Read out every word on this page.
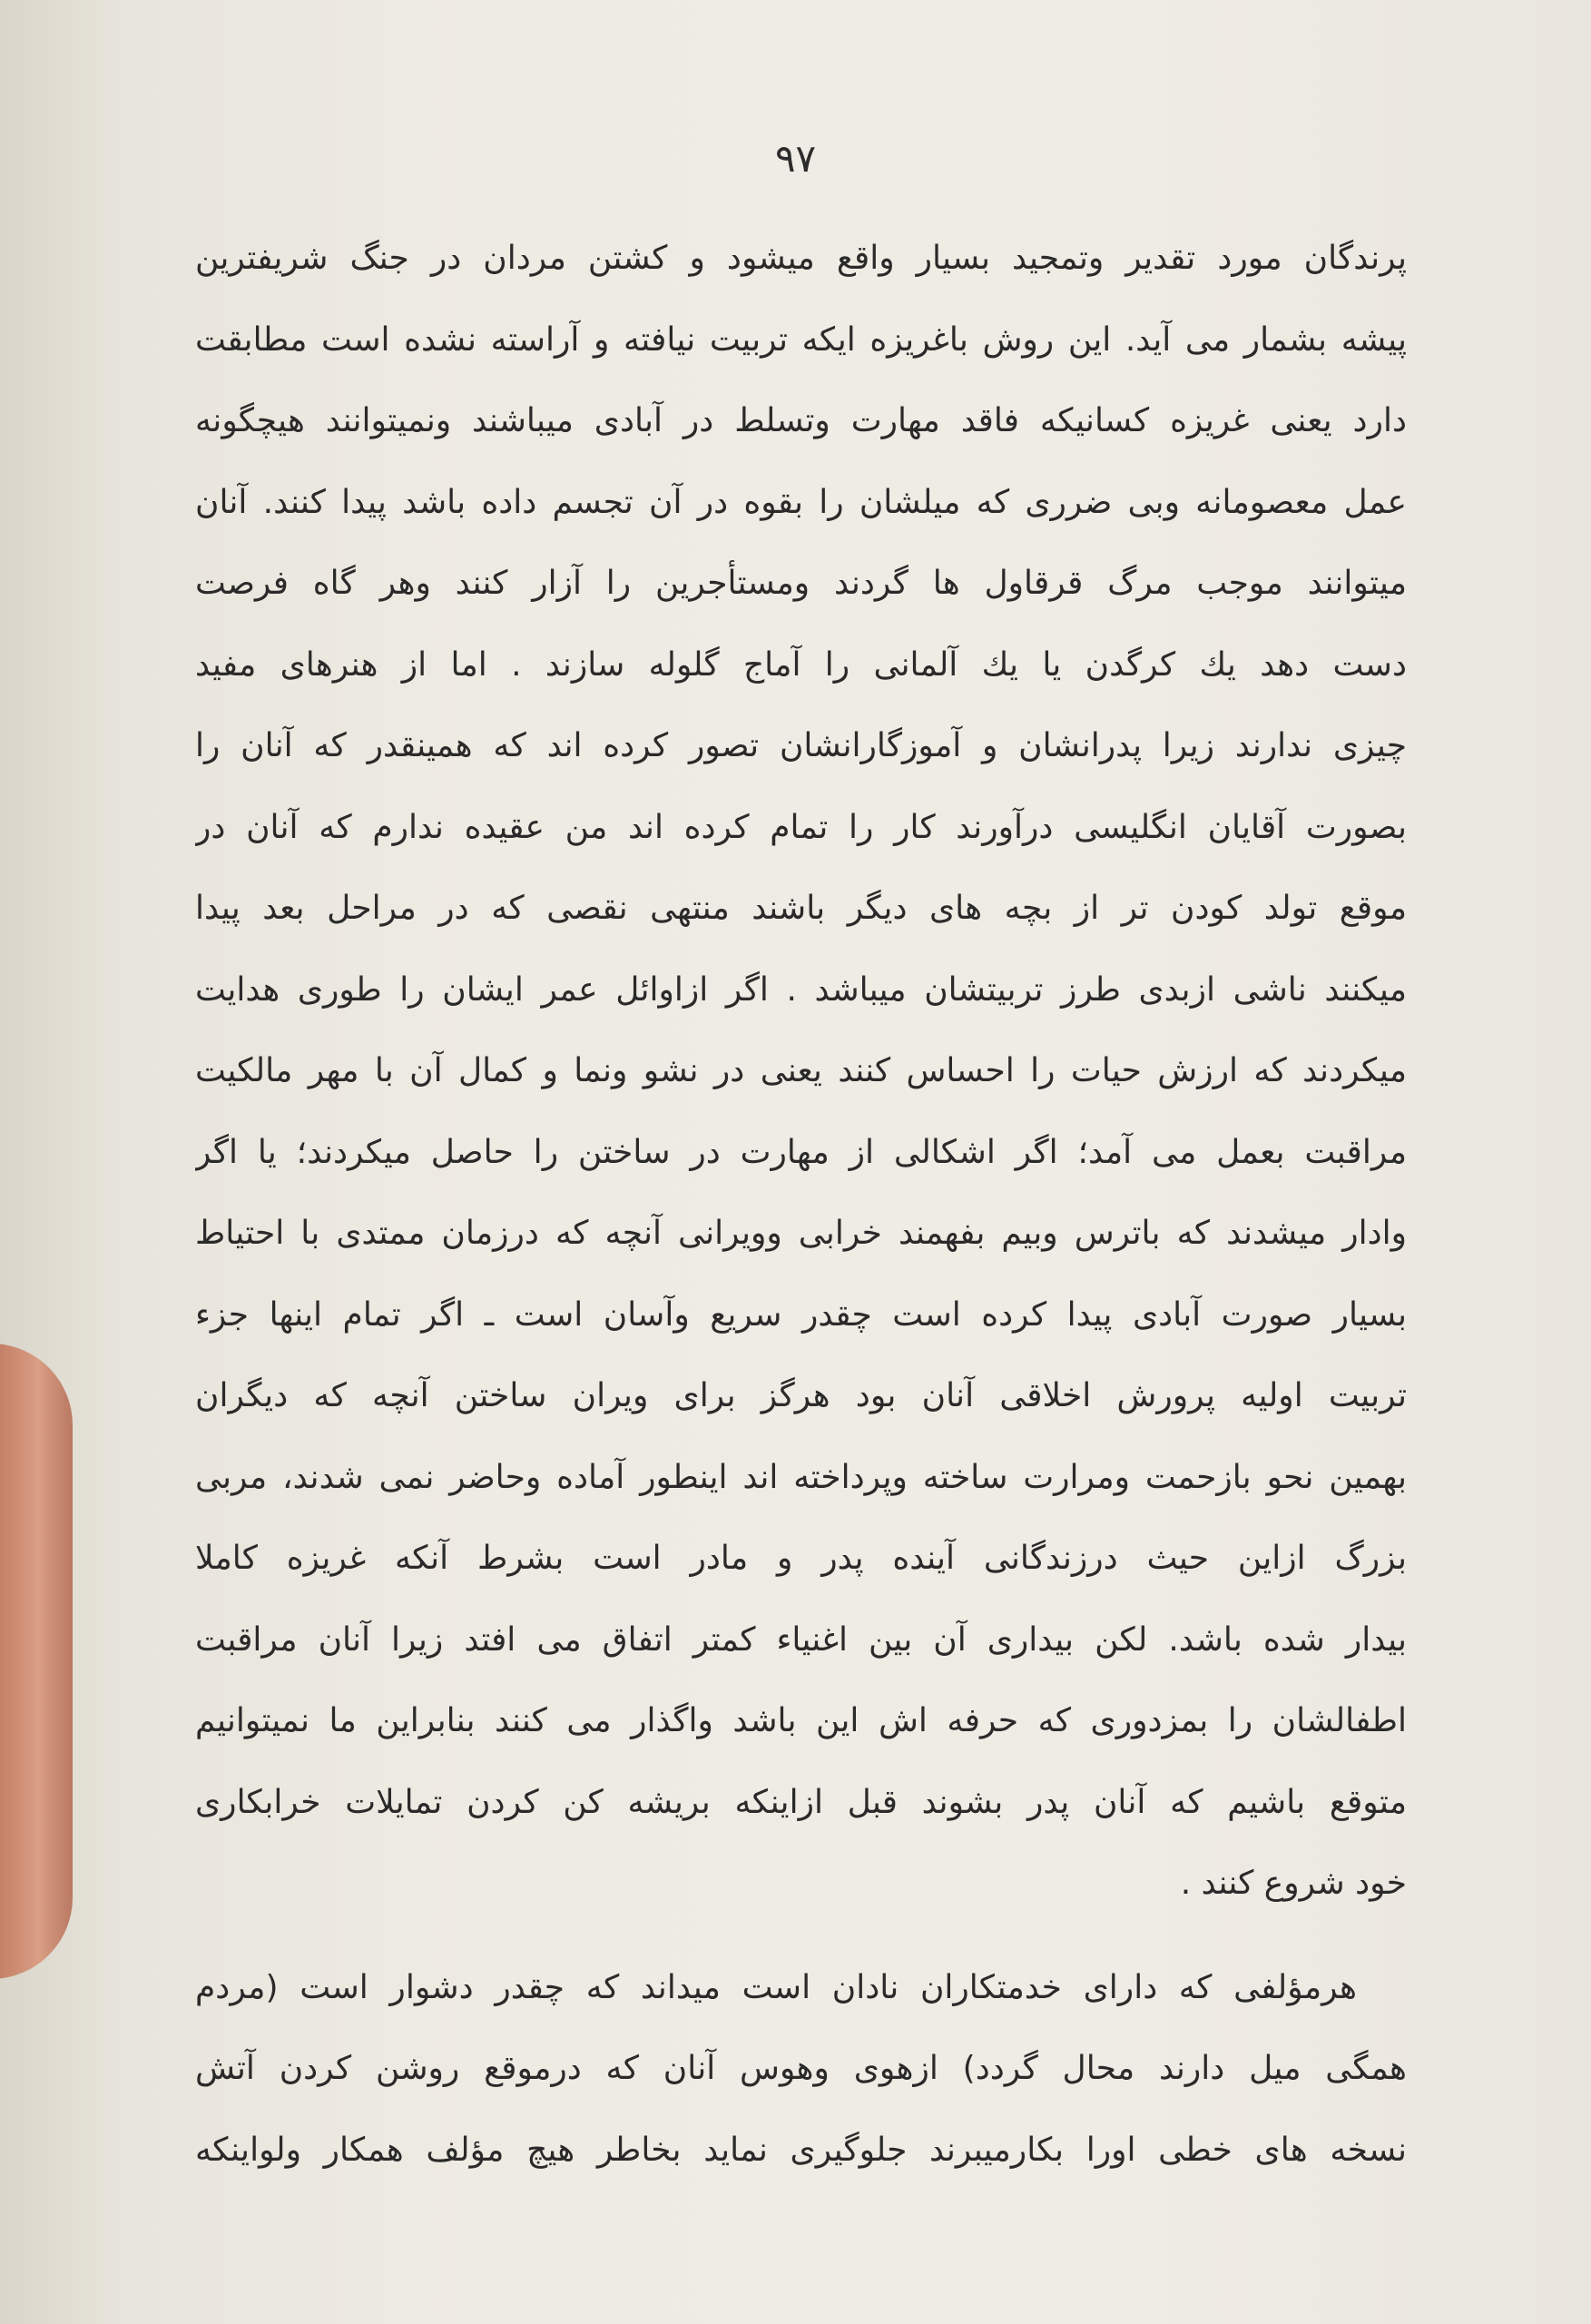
۹۷
پرندگان مورد تقدیر وتمجید بسیار واقع میشود و کشتن مردان در جنگ شریفترین
پیشه بشمار می آید. این روش باغریزه ایکه تربیت نیافته و آراسته نشده است مطابقت
دارد یعنی غریزه کسانیکه فاقد مهارت وتسلط در آبادی میباشند ونمیتوانند هیچگونه
عمل معصومانه وبی ضرری که میلشان را بقوه در آن تجسم داده باشد پیدا کنند. آنان
میتوانند موجب مرگ قرقاول ها گردند ومستأجرین را آزار کنند وهر گاه فرصت
دست دهد یك کرگدن یا یك آلمانی را آماج گلوله سازند . اما از هنرهای مفید
چیزی ندارند زیرا پدرانشان و آموزگارانشان تصور کرده اند که همینقدر که آنان را
بصورت آقایان انگلیسی درآورند کار را تمام کرده اند من عقیده ندارم که آنان در
موقع تولد کودن تر از بچه های دیگر باشند منتهی نقصی که در مراحل بعد پیدا
میکنند ناشی ازبدی طرز تربیتشان میباشد . اگر ازاوائل عمر ایشان را طوری هدایت
میکردند که ارزش حیات را احساس کنند یعنی در نشو ونما و کمال آن با مهر مالکیت
مراقبت بعمل می آمد؛ اگر اشکالی از مهارت در ساختن را حاصل میکردند؛ یا اگر
وادار میشدند که باترس وبیم بفهمند خرابی وویرانی آنچه که درزمان ممتدی با احتیاط
بسیار صورت آبادی پیدا کرده است چقدر سریع وآسان است ـ اگر تمام اینها جزء
تربیت اولیه پرورش اخلاقی آنان بود هرگز برای ویران ساختن آنچه که دیگران
بهمین نحو بازحمت ومرارت ساخته وپرداخته اند اینطور آماده وحاضر نمی شدند، مربی
بزرگ ازاین حیث درزندگانی آینده پدر و مادر است بشرط آنکه غریزه کاملا
بیدار شده باشد. لکن بیداری آن بین اغنیاء کمتر اتفاق می افتد زیرا آنان مراقبت
اطفالشان را بمزدوری که حرفه اش این باشد واگذار می کنند بنابراین ما نمیتوانیم
متوقع باشیم که آنان پدر بشوند قبل ازاینکه بریشه کن کردن تمایلات خرابکاری
خود شروع کنند .
هرمؤلفی که دارای خدمتکاران نادان است میداند که چقدر دشوار است (مردم
همگی میل دارند محال گردد) ازهوی وهوس آنان که درموقع روشن کردن آتش
نسخه های خطی اورا بکارمیبرند جلوگیری نماید بخاطر هیچ مؤلف همکار ولواینکه
